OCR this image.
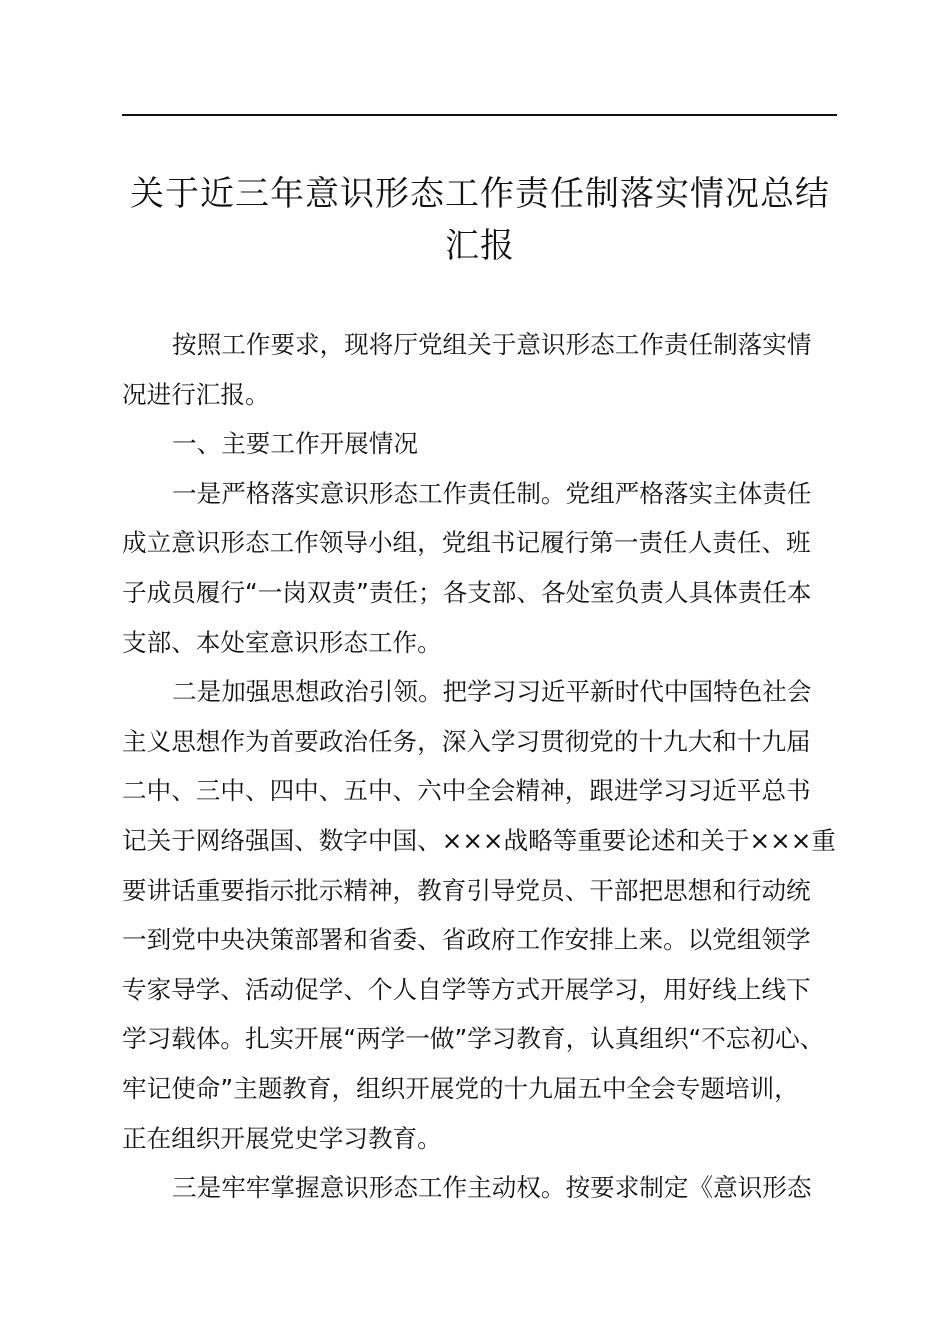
关于近三年意识形态工作责任制落实情况总结
汇报
按照工作要求，现将厅党组关于意识形态工作责任制落实情
况进行汇报。
一、主要工作开展情况
一是严格落实意识形态工作责任制。党组严格落实主体责任
成立意识形态工作领导小组，党组书记履行第一责任人责任、班
子成员履行“一岗双责”责任；各支部、各处室负责人具体责任本
支部、本处室意识形态工作。
二是加强思想政治引领。把学习习近平新时代中国特色社会
主义思想作为首要政治任务，深入学习贯彻党的十九大和十九届
二中、三中、四中、五中、六中全会精神，跟进学习习近平总书
记关于网络强国、数字中国、×××战略等重要论述和关于×××重
要讲话重要指示批示精神，教育引导党员、干部把思想和行动统
一到党中央决策部署和省委、省政府工作安排上来。以党组领学
专家导学、活动促学、个人自学等方式开展学习，用好线上线下
学习载体。扎实开展“两学一做”学习教育，认真组织“不忘初心、
牢记使命”主题教育，组织开展党的十九届五中全会专题培训，
正在组织开展党史学习教育。
三是牢牢掌握意识形态工作主动权。按要求制定《意识形态
